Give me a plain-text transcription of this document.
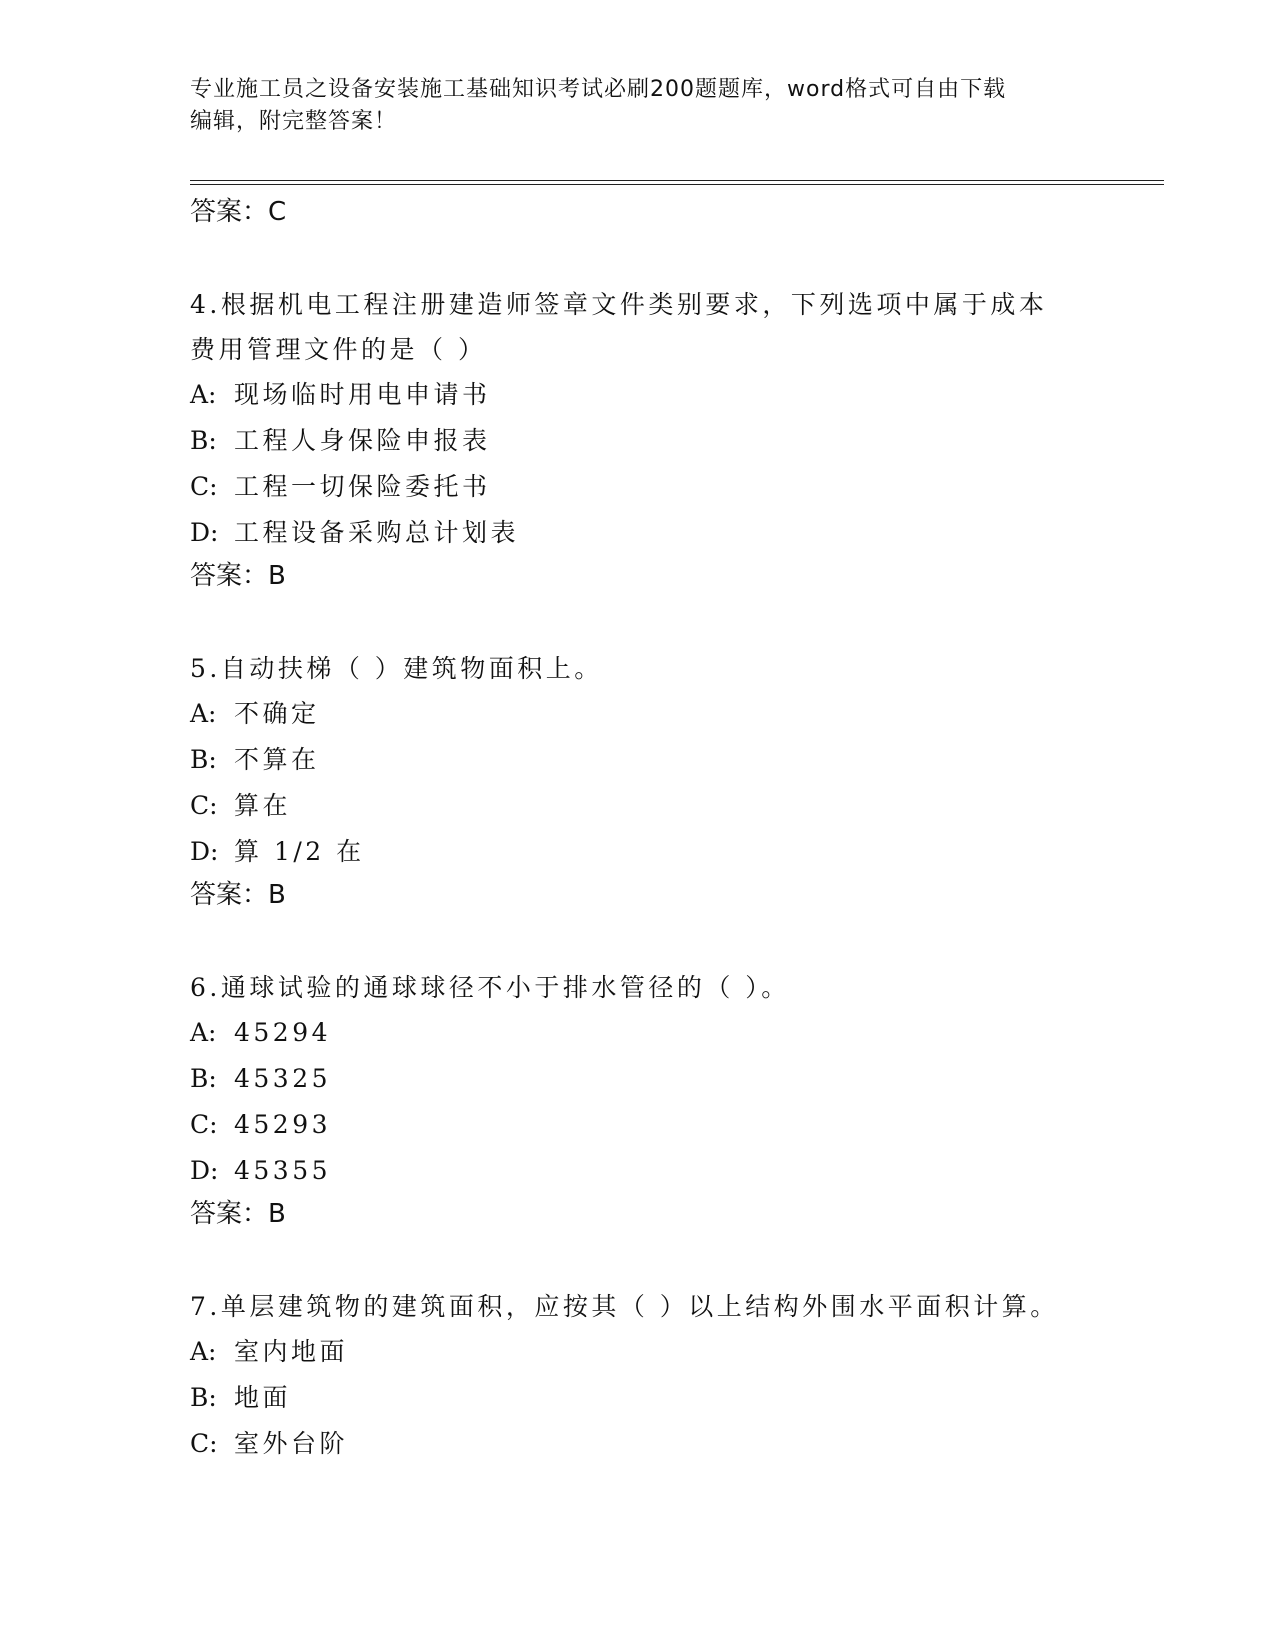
专业施工员之设备安装施工基础知识考试必刷200题题库，word格式可自由下载
编辑，附完整答案！

答案：C

4.根据机电工程注册建造师签章文件类别要求，下列选项中属于成本

费用管理文件的是（ ）

A: 现场临时用电申请书

B: 工程人身保险申报表

C: 工程一切保险委托书

D: 工程设备采购总计划表

答案：B

5.自动扶梯（ ）建筑物面积上。

A: 不确定

B: 不算在

C: 算在

D: 算 1/2 在

答案：B

6.通球试验的通球球径不小于排水管径的（ ）。

A: 45294

B: 45325

C: 45293

D: 45355

答案：B

7.单层建筑物的建筑面积，应按其（ ）以上结构外围水平面积计算。

A: 室内地面

B: 地面

C: 室外台阶
